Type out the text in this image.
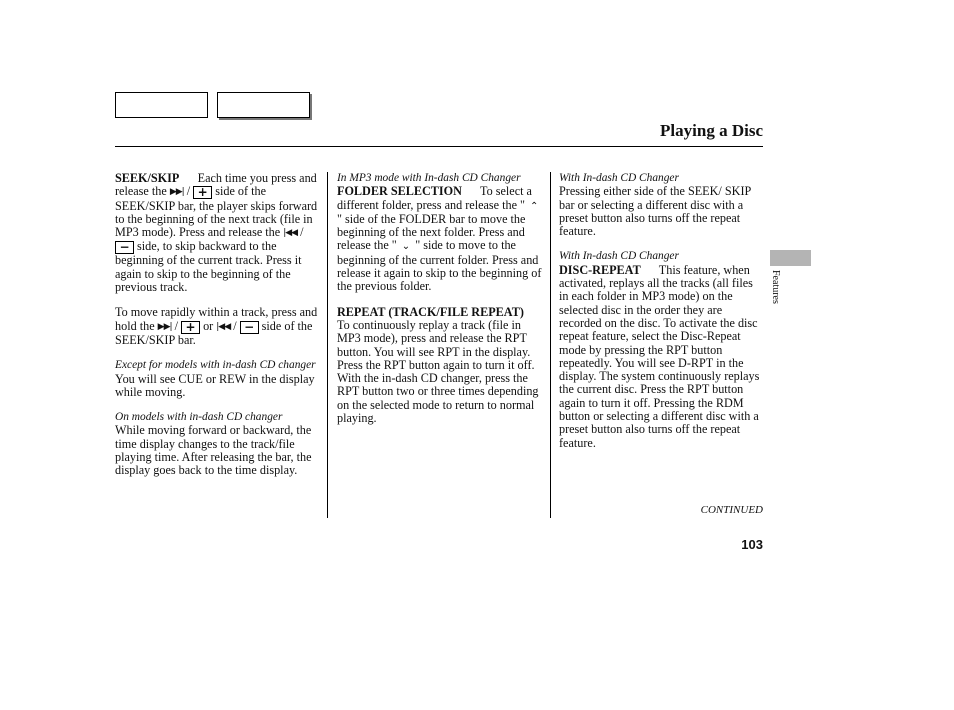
Playing a Disc

SEEK/SKIP Each time you press and release the ▶▶| / + side of the SEEK/SKIP bar, the player skips forward to the beginning of the next track (file in MP3 mode). Press and release the |◀◀ / − side, to skip backward to the beginning of the current track. Press it again to skip to the beginning of the previous track.

To move rapidly within a track, press and hold the ▶▶| / + or |◀◀ / − side of the SEEK/SKIP bar.

Except for models with in-dash CD changer

You will see CUE or REW in the display while moving.

On models with in-dash CD changer

While moving forward or backward, the time display changes to the track/file playing time. After releasing the bar, the display goes back to the time display.

In MP3 mode with In-dash CD Changer

FOLDER SELECTION To select a different folder, press and release the " ⌃" side of the FOLDER bar to move the beginning of the next folder. Press and release the " ⌄ " side to move to the beginning of the current folder. Press and release it again to skip to the beginning of the previous folder.

REPEAT (TRACK/FILE REPEAT)      To continuously replay a track (file in MP3 mode), press and release the RPT button. You will see RPT in the display. Press the RPT button again to turn it off. With the in-dash CD changer, press the RPT button two or three times depending on the selected mode to return to normal playing.

With In-dash CD Changer

Pressing either side of the SEEK/ SKIP bar or selecting a different disc with a preset button also turns off the repeat feature.

With In-dash CD Changer

DISC-REPEAT This feature, when activated, replays all the tracks (all files in each folder in MP3 mode) on the selected disc in the order they are recorded on the disc. To activate the disc repeat feature, select the Disc-Repeat mode by pressing the RPT button repeatedly. You will see D-RPT in the display. The system continuously replays the current disc. Press the RPT button again to turn it off. Pressing the RDM button or selecting a different disc with a preset button also turns off the repeat feature.

Features
CONTINUED
103
